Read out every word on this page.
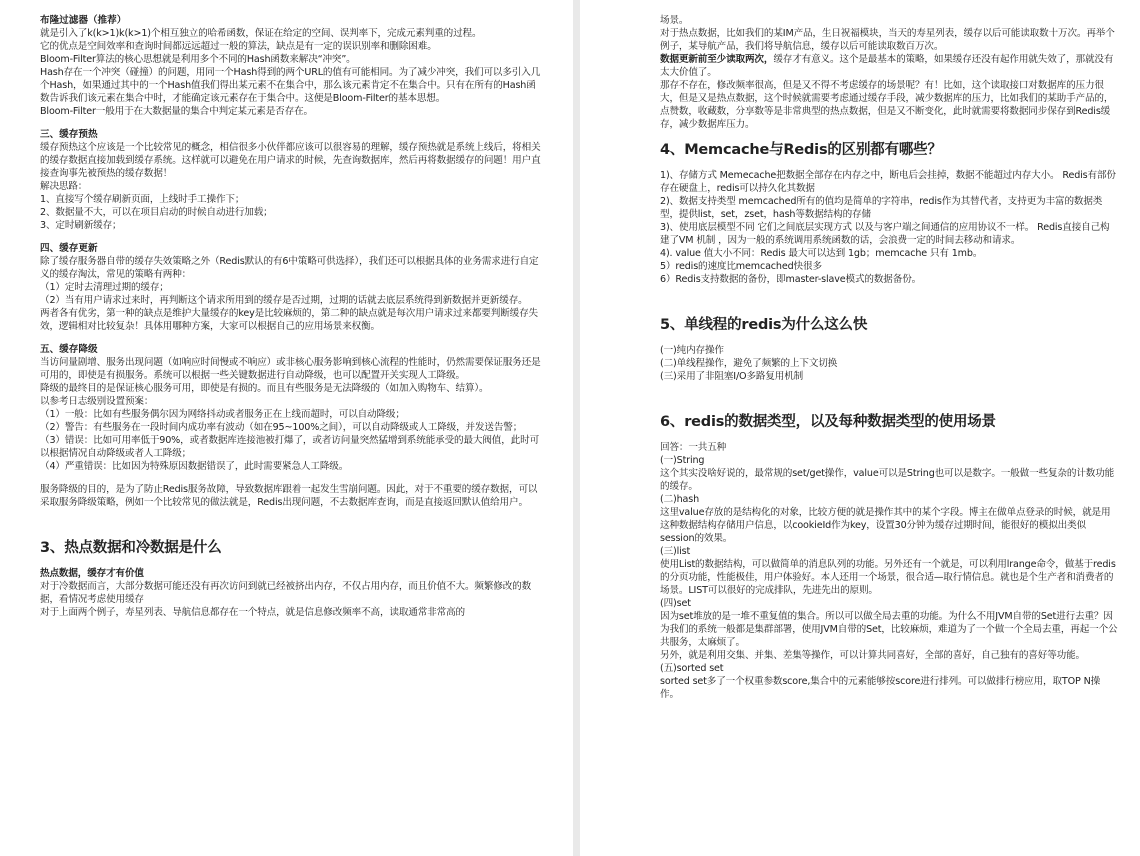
布隆过滤器（推荐）

就是引入了k(k>1)k(k>1)个相互独立的哈希函数，保证在给定的空间、误判率下，完成元素判重的过程。

它的优点是空间效率和查询时间都远远超过一般的算法，缺点是有一定的误识别率和删除困难。

Bloom-Filter算法的核心思想就是利用多个不同的Hash函数来解决“冲突”。

Hash存在一个冲突（碰撞）的问题，用同一个Hash得到的两个URL的值有可能相同。为了减少冲突，我们可以多引入几个Hash，如果通过其中的一个Hash值我们得出某元素不在集合中，那么该元素肯定不在集合中。只有在所有的Hash函数告诉我们该元素在集合中时，才能确定该元素存在于集合中。这便是Bloom-Filter的基本思想。

Bloom-Filter一般用于在大数据量的集合中判定某元素是否存在。

三、缓存预热

缓存预热这个应该是一个比较常见的概念，相信很多小伙伴都应该可以很容易的理解，缓存预热就是系统上线后，将相关的缓存数据直接加载到缓存系统。这样就可以避免在用户请求的时候，先查询数据库，然后再将数据缓存的问题！用户直接查询事先被预热的缓存数据！

解决思路：

1、直接写个缓存刷新页面，上线时手工操作下；

2、数据量不大，可以在项目启动的时候自动进行加载；

3、定时刷新缓存；

四、缓存更新

除了缓存服务器自带的缓存失效策略之外（Redis默认的有6中策略可供选择），我们还可以根据具体的业务需求进行自定义的缓存淘汰，常见的策略有两种：

（1）定时去清理过期的缓存；

（2）当有用户请求过来时，再判断这个请求所用到的缓存是否过期，过期的话就去底层系统得到新数据并更新缓存。

两者各有优劣，第一种的缺点是维护大量缓存的key是比较麻烦的，第二种的缺点就是每次用户请求过来都要判断缓存失效，逻辑相对比较复杂！具体用哪种方案，大家可以根据自己的应用场景来权衡。

五、缓存降级

当访问量剧增、服务出现问题（如响应时间慢或不响应）或非核心服务影响到核心流程的性能时，仍然需要保证服务还是可用的，即使是有损服务。系统可以根据一些关键数据进行自动降级，也可以配置开关实现人工降级。

降级的最终目的是保证核心服务可用，即使是有损的。而且有些服务是无法降级的（如加入购物车、结算）。

以参考日志级别设置预案：

（1）一般：比如有些服务偶尔因为网络抖动或者服务正在上线而超时，可以自动降级；

（2）警告：有些服务在一段时间内成功率有波动（如在95~100%之间），可以自动降级或人工降级，并发送告警；

（3）错误：比如可用率低于90%，或者数据库连接池被打爆了，或者访问量突然猛增到系统能承受的最大阀值，此时可以根据情况自动降级或者人工降级；

（4）严重错误：比如因为特殊原因数据错误了，此时需要紧急人工降级。

服务降级的目的，是为了防止Redis服务故障，导致数据库跟着一起发生雪崩问题。因此，对于不重要的缓存数据，可以采取服务降级策略，例如一个比较常见的做法就是，Redis出现问题，不去数据库查询，而是直接返回默认值给用户。

3、热点数据和冷数据是什么

热点数据，缓存才有价值

对于冷数据而言，大部分数据可能还没有再次访问到就已经被挤出内存，不仅占用内存，而且价值不大。频繁修改的数据，看情况考虑使用缓存

对于上面两个例子，寿星列表、导航信息都存在一个特点，就是信息修改频率不高，读取通常非常高的

场景。

对于热点数据，比如我们的某IM产品，生日祝福模块，当天的寿星列表，缓存以后可能读取数十万次。再举个例子，某导航产品，我们将导航信息，缓存以后可能读取数百万次。

数据更新前至少读取两次，缓存才有意义。这个是最基本的策略，如果缓存还没有起作用就失效了，那就没有太大价值了。

那存不存在，修改频率很高，但是又不得不考虑缓存的场景呢？有！比如，这个读取接口对数据库的压力很大，但是又是热点数据，这个时候就需要考虑通过缓存手段，减少数据库的压力，比如我们的某助手产品的，点赞数，收藏数，分享数等是非常典型的热点数据，但是又不断变化，此时就需要将数据同步保存到Redis缓存，减少数据库压力。

4、Memcache与Redis的区别都有哪些？

1)、存储方式 Memecache把数据全部存在内存之中，断电后会挂掉，数据不能超过内存大小。 Redis有部份存在硬盘上，redis可以持久化其数据

2)、数据支持类型 memcached所有的值均是简单的字符串，redis作为其替代者，支持更为丰富的数据类型，提供list，set，zset，hash等数据结构的存储

3)、使用底层模型不同 它们之间底层实现方式 以及与客户端之间通信的应用协议不一样。 Redis直接自己构建了VM 机制 ，因为一般的系统调用系统函数的话，会浪费一定的时间去移动和请求。

4). value 值大小不同：Redis 最大可以达到 1gb；memcache 只有 1mb。

5）redis的速度比memcached快很多

6）Redis支持数据的备份，即master-slave模式的数据备份。

5、单线程的redis为什么这么快

(一)纯内存操作

(二)单线程操作，避免了频繁的上下文切换

(三)采用了非阻塞I/O多路复用机制

6、redis的数据类型，以及每种数据类型的使用场景

回答：一共五种

(一)String

这个其实没啥好说的，最常规的set/get操作，value可以是String也可以是数字。一般做一些复杂的计数功能的缓存。

(二)hash

这里value存放的是结构化的对象，比较方便的就是操作其中的某个字段。博主在做单点登录的时候，就是用这种数据结构存储用户信息，以cookieId作为key，设置30分钟为缓存过期时间，能很好的模拟出类似session的效果。

(三)list

使用List的数据结构，可以做简单的消息队列的功能。另外还有一个就是，可以利用lrange命令，做基于redis的分页功能，性能极佳，用户体验好。本人还用一个场景，很合适—取行情信息。就也是个生产者和消费者的场景。LIST可以很好的完成排队，先进先出的原则。

(四)set

因为set堆放的是一堆不重复值的集合。所以可以做全局去重的功能。为什么不用JVM自带的Set进行去重？因为我们的系统一般都是集群部署，使用JVM自带的Set，比较麻烦，难道为了一个做一个全局去重，再起一个公共服务，太麻烦了。

另外，就是利用交集、并集、差集等操作，可以计算共同喜好，全部的喜好，自己独有的喜好等功能。

(五)sorted set

sorted set多了一个权重参数score,集合中的元素能够按score进行排列。可以做排行榜应用，取TOP N操作。
